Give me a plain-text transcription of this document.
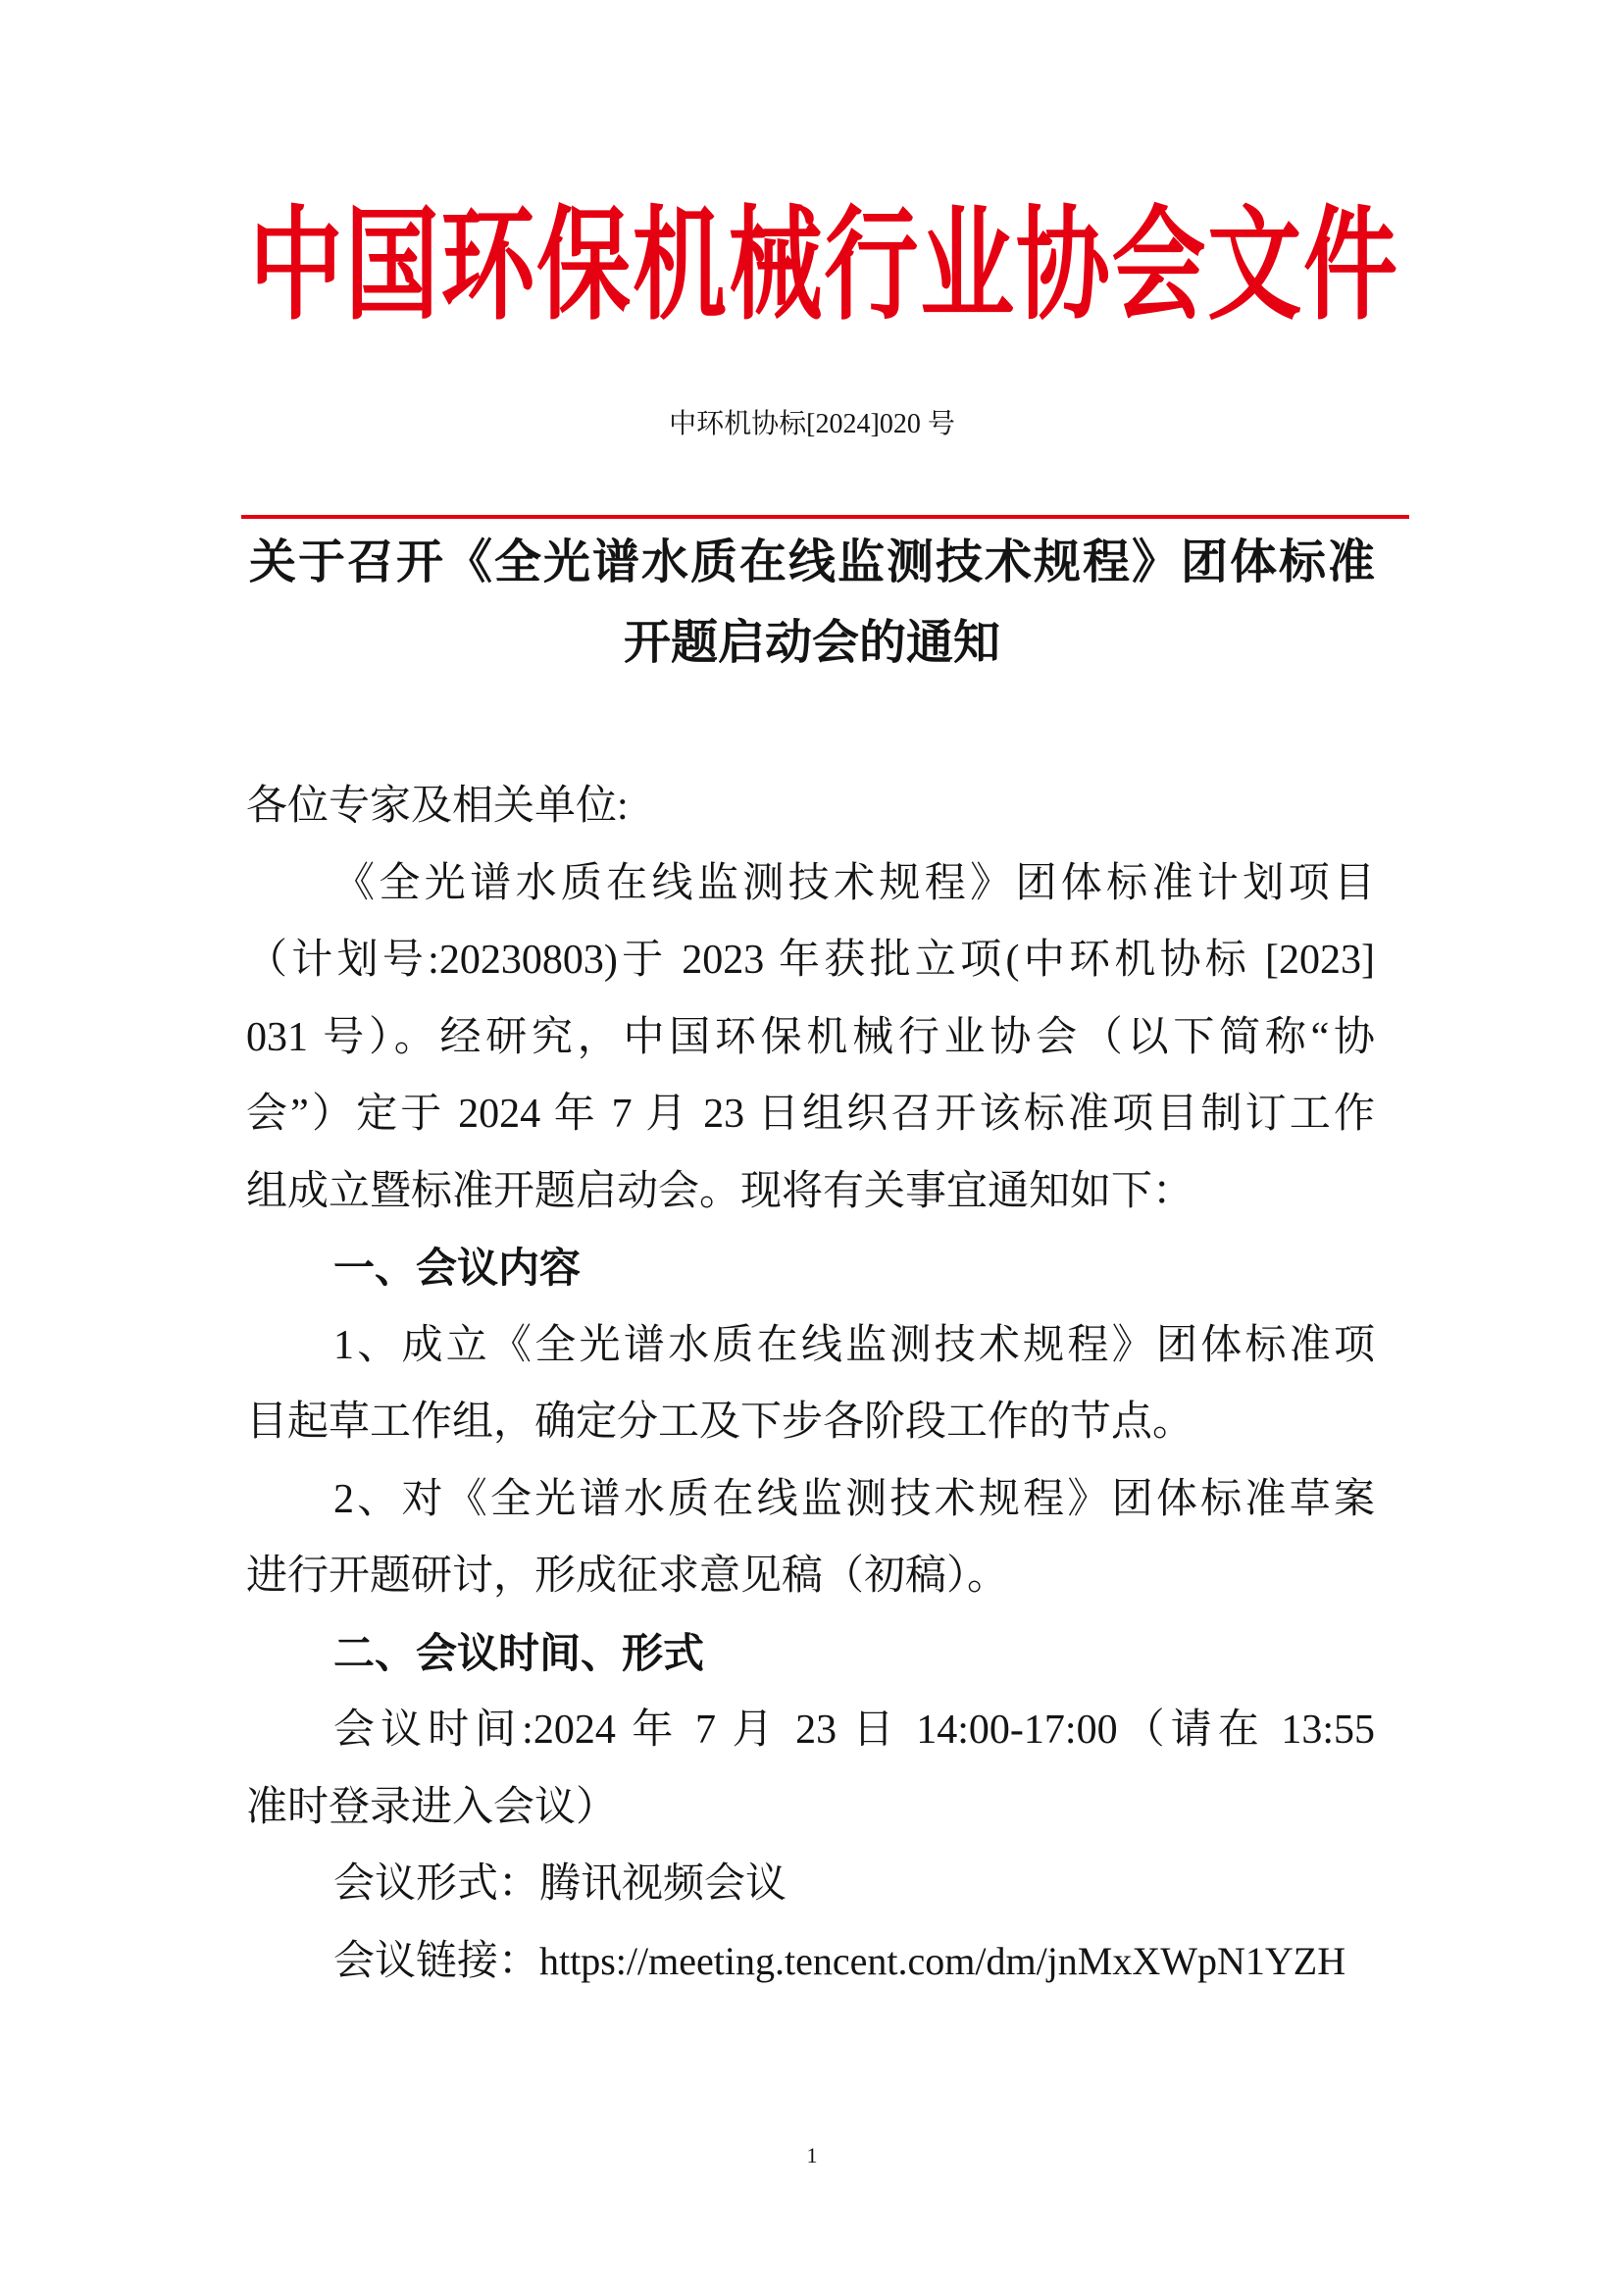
中国环保机械行业协会文件
中环机协标[2024]020 号
关于召开《全光谱水质在线监测技术规程》团体标准
开题启动会的通知
各位专家及相关单位:
《全光谱水质在线监测技术规程》团体标准计划项目
（计划号:20230803)于 2023 年获批立项(中环机协标 [2023]
031 号）。经研究，中国环保机械行业协会（以下简称“协
会”）定于 2024 年 7 月 23 日组织召开该标准项目制订工作
组成立暨标准开题启动会。现将有关事宜通知如下：
一、会议内容
1、成立《全光谱水质在线监测技术规程》团体标准项
目起草工作组，确定分工及下步各阶段工作的节点。
2、对《全光谱水质在线监测技术规程》团体标准草案
进行开题研讨，形成征求意见稿（初稿）。
二、会议时间、形式
会议时间:2024 年 7 月 23 日 14:00-17:00（请在 13:55
准时登录进入会议）
会议形式：腾讯视频会议
会议链接：https://meeting.tencent.com/dm/jnMxXWpN1YZH
1
